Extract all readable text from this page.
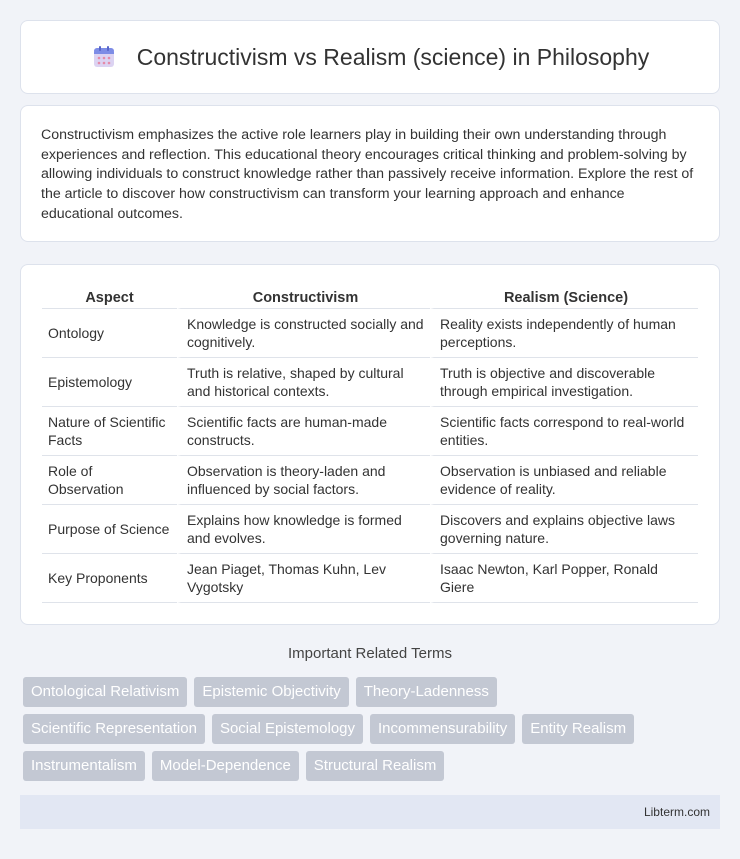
Constructivism vs Realism (science) in Philosophy

Constructivism emphasizes the active role learners play in building their own understanding through experiences and reflection. This educational theory encourages critical thinking and problem-solving by allowing individuals to construct knowledge rather than passively receive information. Explore the rest of the article to discover how constructivism can transform your learning approach and enhance educational outcomes.

Aspect	Constructivism	Realism (Science)
Ontology	Knowledge is constructed socially and cognitively.	Reality exists independently of human perceptions.
Epistemology	Truth is relative, shaped by cultural and historical contexts.	Truth is objective and discoverable through empirical investigation.
Nature of Scientific Facts	Scientific facts are human-made constructs.	Scientific facts correspond to real-world entities.
Role of Observation	Observation is theory-laden and influenced by social factors.	Observation is unbiased and reliable evidence of reality.
Purpose of Science	Explains how knowledge is formed and evolves.	Discovers and explains objective laws governing nature.
Key Proponents	Jean Piaget, Thomas Kuhn, Lev Vygotsky	Isaac Newton, Karl Popper, Ronald Giere
Important Related Terms
Ontological Relativism	Epistemic Objectivity	Theory-Ladenness
Scientific Representation	Social Epistemology	Incommensurability	Entity Realism
Instrumentalism	Model-Dependence	Structural Realism
Libterm.com
